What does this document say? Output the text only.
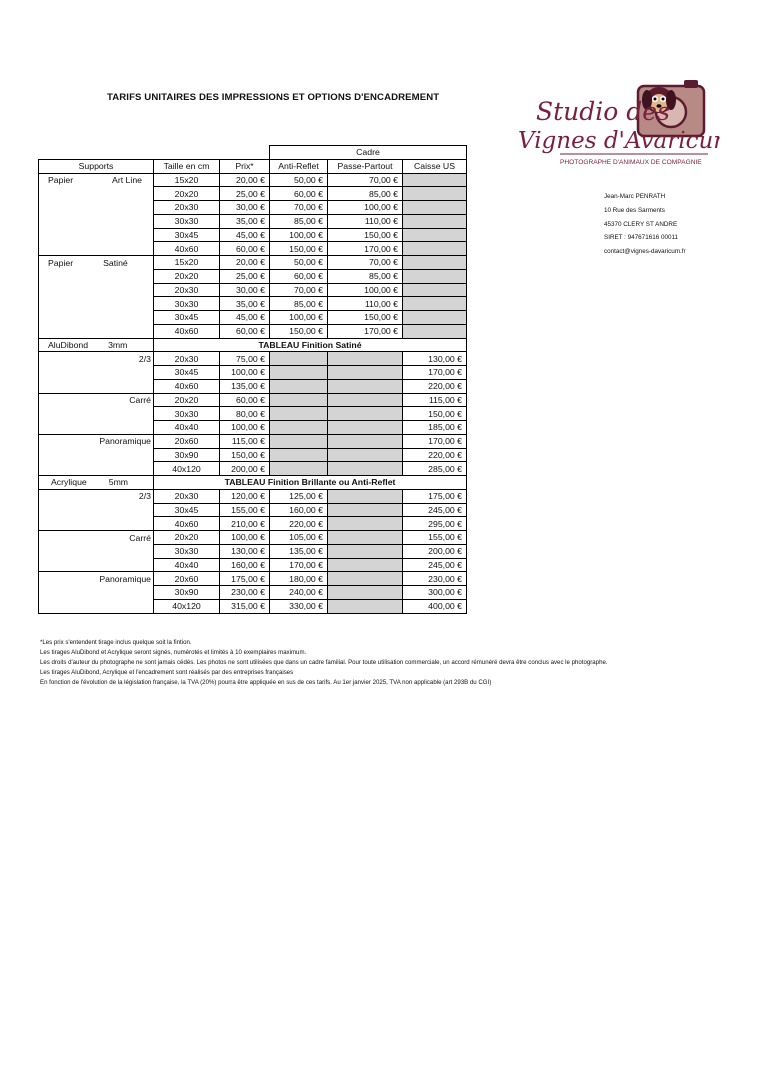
TARIFS UNITAIRES DES IMPRESSIONS ET OPTIONS D'ENCADREMENT	Studio des
Vignes d'Avaricum
PHOTOGRAPHE D'ANIMAUX DE COMPAGNIE
Jean-Marc PENRATH
10 Rue des Sarments
45370 CLERY ST ANDRE
SIRET : 947671616 00011
contact@vignes-davaricum.fr
			Cadre		
Supports	Taille en cm	Prix*	Anti-Reflet	Passe-Partout	Caisse US

Papier Art Line	15x20	20,00 €	50,00 €	70,00 €	
	20x20	25,00 €	60,00 €	85,00 €	
	20x30	30,00 €	70,00 €	100,00 €	
	30x30	35,00 €	85,00 €	110,00 €	
	30x45	45,00 €	100,00 €	150,00 €	
	40x60	60,00 €	150,00 €	170,00 €	

Papier Satiné	15x20	20,00 €	50,00 €	70,00 €	
	20x20	25,00 €	60,00 €	85,00 €	
	20x30	30,00 €	70,00 €	100,00 €	
	30x30	35,00 €	85,00 €	110,00 €	
	30x45	45,00 €	100,00 €	150,00 €	
	40x60	60,00 €	150,00 €	170,00 €	

AluDibond 3mm	TABLEAU Finition Satiné				
2/3	20x30	75,00 €			130,00 €
	30x45	100,00 €			170,00 €
	40x60	135,00 €			220,00 €
Carré	20x20	60,00 €			115,00 €
	30x30	80,00 €			150,00 €
	40x40	100,00 €			185,00 €
Panoramique	20x60	115,00 €			170,00 €
	30x90	150,00 €			220,00 €
	40x120	200,00 €			285,00 €

Acrylique 5mm	TABLEAU Finition Brillante ou Anti-Reflet				
2/3	20x30	120,00 €	125,00 €		175,00 €
	30x45	155,00 €	160,00 €		245,00 €
	40x60	210,00 €	220,00 €		295,00 €
Carré	20x20	100,00 €	105,00 €		155,00 €
	30x30	130,00 €	135,00 €		200,00 €
	40x40	160,00 €	170,00 €		245,00 €
Panoramique	20x60	175,00 €	180,00 €		230,00 €
	30x90	230,00 €	240,00 €		300,00 €
	40x120	315,00 €	330,00 €		400,00 €
*Les prix s'entendent tirage inclus quelque soit la fintion.
Les tirages AluDibond et Acrylique seront signés, numérotés et limités à 10 exemplaires maximum.
Les droits d'auteur du photographe ne sont jamais cédés. Les photos ne sont utilisées que dans un cadre familial. Pour toute utilisation commerciale, un accord rémunéré devra être conclus avec le photographe.
Les tirages AluDibond, Acrylique et l'encadrement sont réalisés par des entreprises françaises
En fonction de l'évolution de la législation française, la TVA (20%) pourra être appliquée en sus de ces tarifs. Au 1er janvier 2025, TVA non applicable (art 293B du CGI)
